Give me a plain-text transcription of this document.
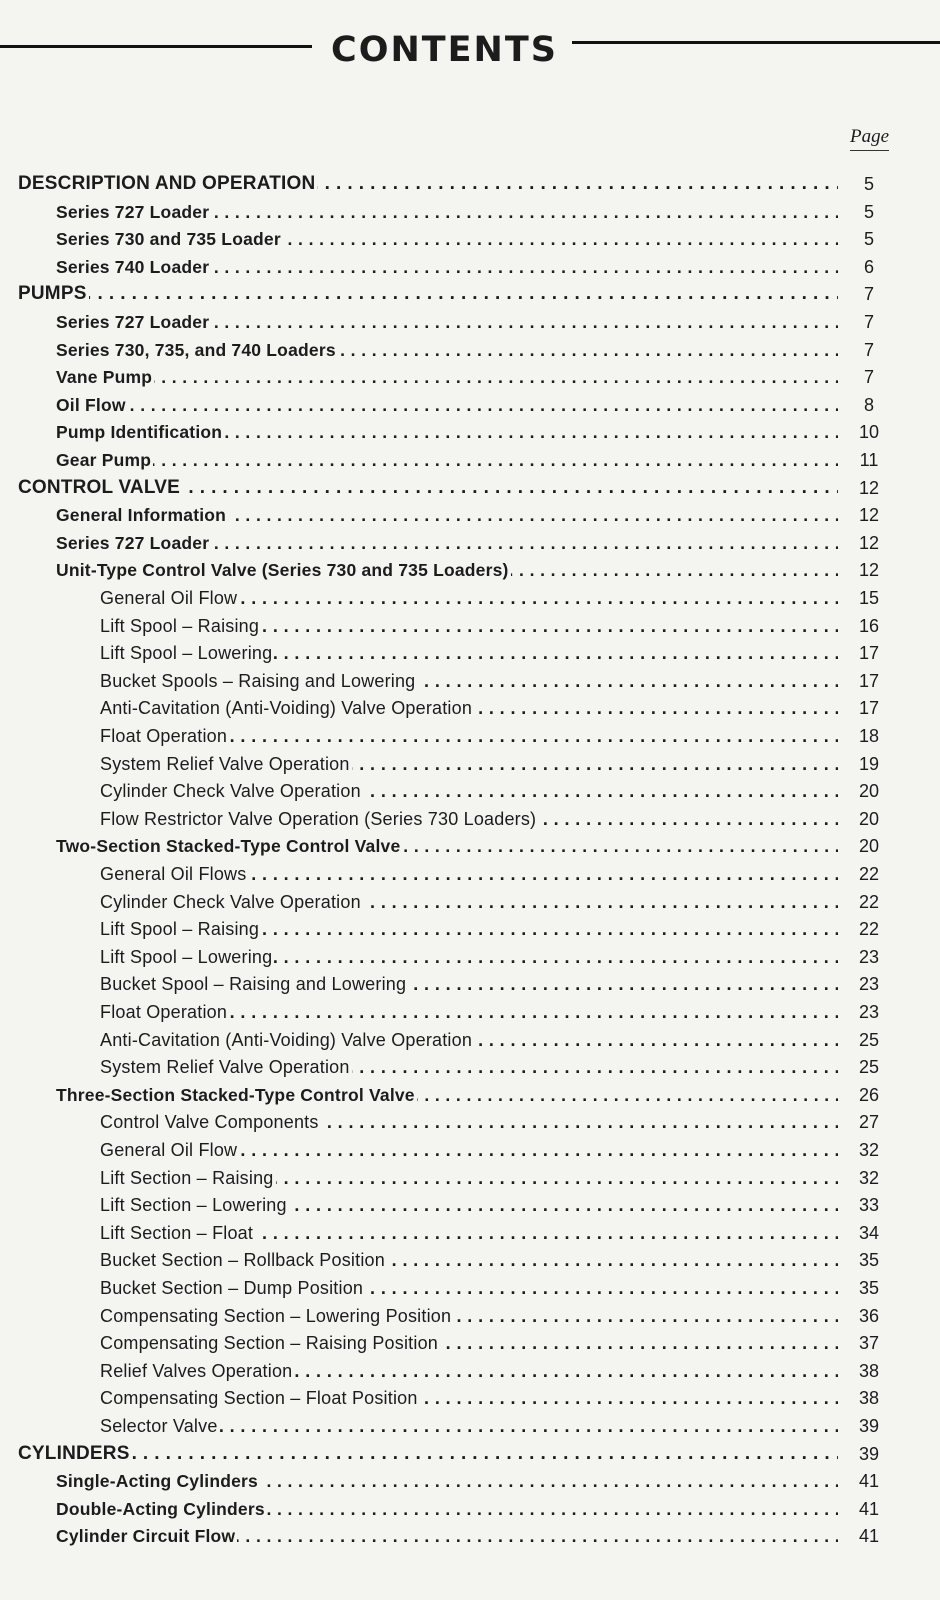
CONTENTS
Page
DESCRIPTION AND OPERATION . . .	5
Series 727 Loader . . .	5
Series 730 and 735 Loader . . .	5
Series 740 Loader . . .	6
PUMPS . . .	7
Series 727 Loader . . .	7
Series 730, 735, and 740 Loaders . . .	7
Vane Pump . . .	7
Oil Flow . . .	8
Pump Identification . . .	10
Gear Pump . . .	11
CONTROL VALVE . . .	12
General Information . . .	12
Series 727 Loader . . .	12
Unit-Type Control Valve (Series 730 and 735 Loaders) . . .	12
General Oil Flow . . .	15
Lift Spool – Raising . . .	16
Lift Spool – Lowering . . .	17
Bucket Spools – Raising and Lowering . . .	17
Anti-Cavitation (Anti-Voiding) Valve Operation . . .	17
Float Operation . . .	18
System Relief Valve Operation . . .	19
Cylinder Check Valve Operation . . .	20
Flow Restrictor Valve Operation (Series 730 Loaders) . . .	20
Two-Section Stacked-Type Control Valve . . .	20
General Oil Flows . . .	22
Cylinder Check Valve Operation . . .	22
Lift Spool – Raising . . .	22
Lift Spool – Lowering . . .	23
Bucket Spool – Raising and Lowering . . .	23
Float Operation . . .	23
Anti-Cavitation (Anti-Voiding) Valve Operation . . .	25
System Relief Valve Operation . . .	25
Three-Section Stacked-Type Control Valve . . .	26
Control Valve Components . . .	27
General Oil Flow . . .	32
Lift Section – Raising . . .	32
Lift Section – Lowering . . .	33
Lift Section – Float . . .	34
Bucket Section – Rollback Position . . .	35
Bucket Section – Dump Position . . .	35
Compensating Section – Lowering Position . . .	36
Compensating Section – Raising Position . . .	37
Relief Valves Operation . . .	38
Compensating Section – Float Position . . .	38
Selector Valve . . .	39
CYLINDERS . . .	39
Single-Acting Cylinders . . .	41
Double-Acting Cylinders . . .	41
Cylinder Circuit Flow . . .	41
